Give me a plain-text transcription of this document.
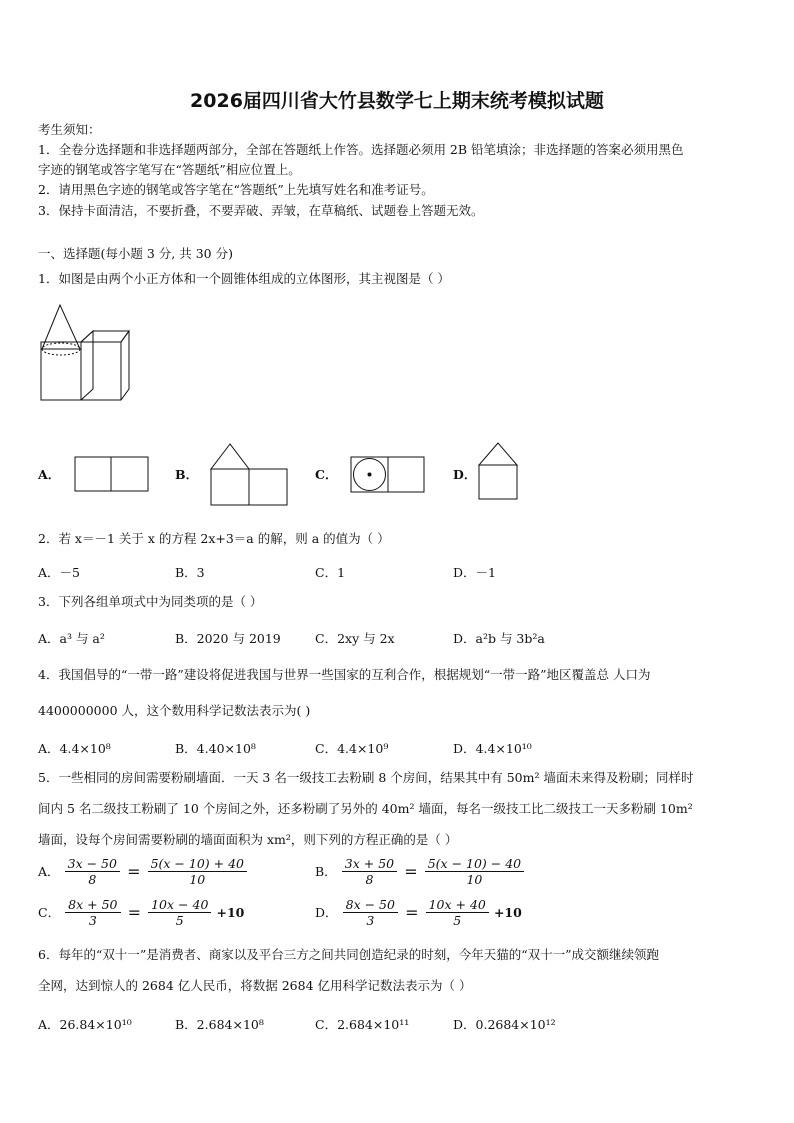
2026届四川省大竹县数学七上期末统考模拟试题
考生须知：
1．全卷分选择题和非选择题两部分，全部在答题纸上作答。选择题必须用 2B 铅笔填涂；非选择题的答案必须用黑色
字迹的钢笔或答字笔写在“答题纸”相应位置上。
2．请用黑色字迹的钢笔或答字笔在“答题纸”上先填写姓名和准考证号。
3．保持卡面清洁，不要折叠，不要弄破、弄皱，在草稿纸、试题卷上答题无效。
一、选择题(每小题 3 分, 共 30 分)
1．如图是由两个小正方体和一个圆锥体组成的立体图形，其主视图是（ ）
A．	B．	C．	D．
2．若 x＝－1 关于 x 的方程 2x+3＝a 的解，则 a 的值为（ ）
A．－5	B．3	C．1	D．－1
3．下列各组单项式中为同类项的是（ ）
A．a³ 与 a²	B．2020 与 2019	C．2xy 与 2x	D．a²b 与 3b²a
4．我国倡导的“一带一路”建设将促进我国与世界一些国家的互利合作，根据规划“一带一路”地区覆盖总 人口为
4400000000 人，这个数用科学记数法表示为( )
A．4.4×10⁸	B．4.40×10⁸	C．4.4×10⁹	D．4.4×10¹⁰
5．一些相同的房间需要粉刷墙面．一天 3 名一级技工去粉刷 8 个房间，结果其中有 50m² 墙面未来得及粉刷；同样时
间内 5 名二级技工粉刷了 10 个房间之外，还多粉刷了另外的 40m² 墙面，每名一级技工比二级技工一天多粉刷 10m²
墙面，设每个房间需要粉刷的墙面面积为 xm²，则下列的方程正确的是（ ）
A． $\frac{3x - 50}{8} = \frac{5(x - 10) + 40}{10}$	B． $\frac{3x + 50}{8} = \frac{5(x - 10) - 40}{10}$
C． $\frac{8x + 50}{3} = \frac{10x - 40}{5} +10$	D． $\frac{8x - 50}{3} = \frac{10x + 40}{5} +10$
6．每年的“双十一”是消费者、商家以及平台三方之间共同创造纪录的时刻，今年天猫的“双十一”成交额继续领跑
全网，达到惊人的 2684 亿人民币，将数据 2684 亿用科学记数法表示为（ ）
A．26.84×10¹⁰	B．2.684×10⁸	C．2.684×10¹¹	D．0.2684×10¹²
